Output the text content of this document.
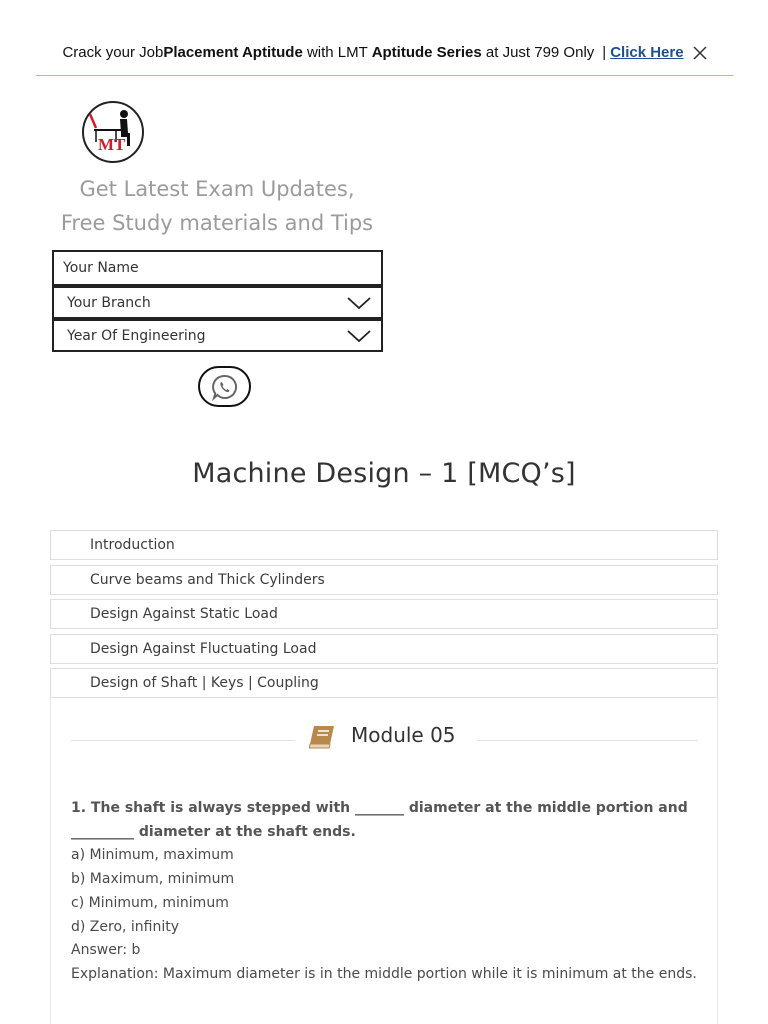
Crack your Job Placement Aptitude with LMT Aptitude Series at Just 799 Only | Click Here
MT
Get Latest Exam Updates,
Free Study materials and Tips
Your Name
Your Branch
Year Of Engineering
Machine Design – 1 [MCQ’s]
Introduction
Curve beams and Thick Cylinders
Design Against Static Load
Design Against Fluctuating Load
Design of Shaft | Keys | Coupling
Module 05
1. The shaft is always stepped with _______ diameter at the middle portion and _________ diameter at the shaft ends.
a) Minimum, maximum
b) Maximum, minimum
c) Minimum, minimum
d) Zero, infinity
Answer: b
Explanation: Maximum diameter is in the middle portion while it is minimum at the ends.
